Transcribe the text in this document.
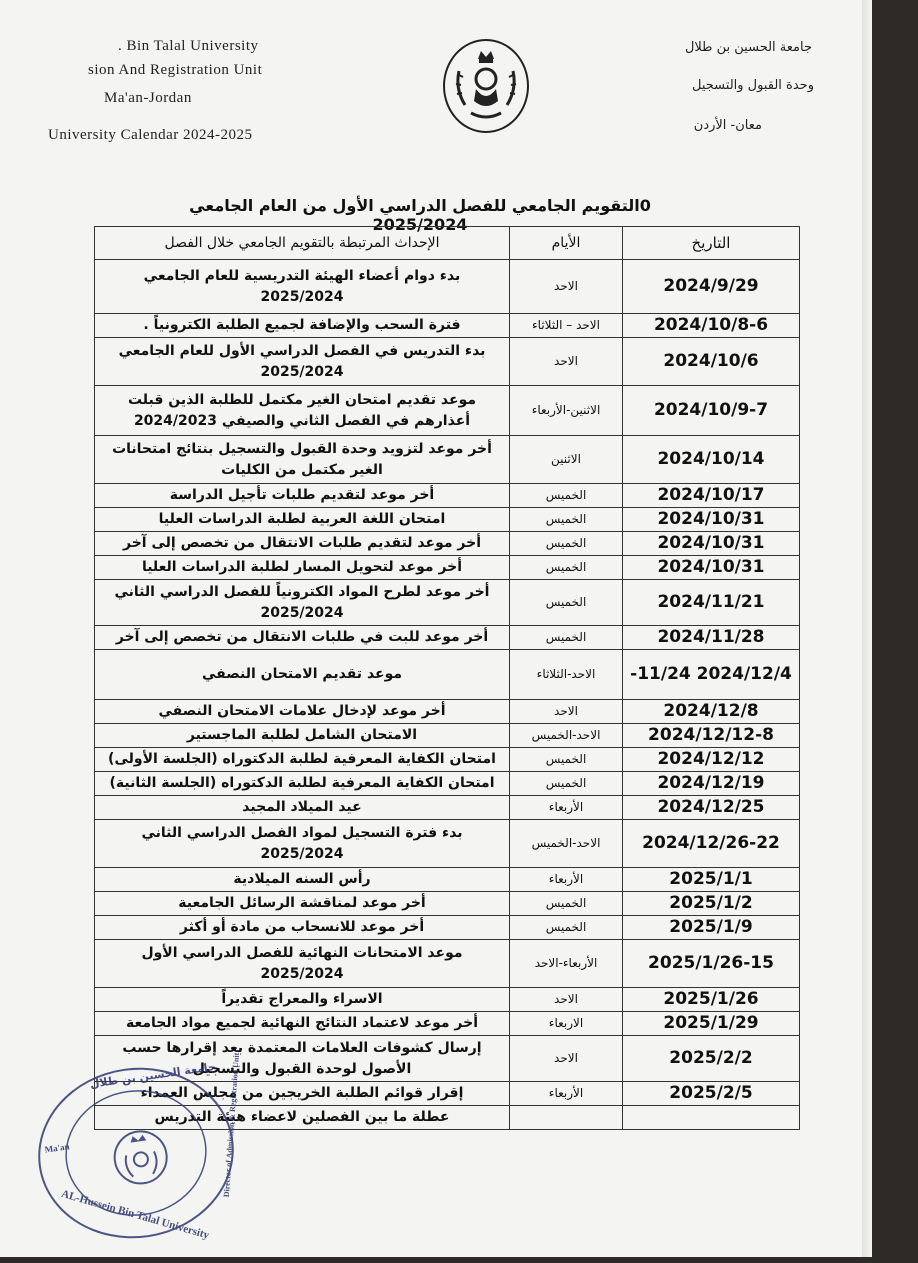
. Bin Talal University
sion And Registration Unit
Ma'an-Jordan
University Calendar 2024-2025
جامعة الحسين بن طلال
وحدة القبول والتسجيل
معان- الأردن
0التقويم الجامعي للفصل الدراسي الأول من العام الجامعي 2025/2024
الإحداث المرتبطة بالتقويم الجامعي خلال الفصل	الأيام	التاريخ
بدء دوام أعضاء الهيئة التدريسية للعام الجامعي 2025/2024	الاحد	2024/9/29
فترة السحب والإضافة لجميع الطلبة الكترونياً .	الاحد – الثلاثاء	2024/10/8-6
بدء التدريس في الفصل الدراسي الأول للعام الجامعي 2025/2024	الاحد	2024/10/6
موعد تقديم امتحان الغير مكتمل للطلبة الذين قبلت أعذارهم في الفصل الثاني والصيفي 2024/2023	الاثنين-الأربعاء	2024/10/9-7
أخر موعد لتزويد وحدة القبول والتسجيل بنتائج امتحانات الغير مكتمل من الكليات	الاثنين	2024/10/14
أخر موعد لتقديم طلبات تأجيل الدراسة	الخميس	2024/10/17
امتحان اللغة العربية لطلبة الدراسات العليا	الخميس	2024/10/31
أخر موعد لتقديم طلبات الانتقال من تخصص إلى آخر	الخميس	2024/10/31
أخر موعد لتحويل المسار لطلبة الدراسات العليا	الخميس	2024/10/31
أخر موعد لطرح المواد الكترونياً للفصل الدراسي الثاني 2025/2024	الخميس	2024/11/21
أخر موعد للبت في طلبات الانتقال من تخصص إلى آخر	الخميس	2024/11/28
موعد تقديم الامتحان النصفي	الاحد-الثلاثاء	-11/24 2024/12/4
أخر موعد لإدخال علامات الامتحان النصفي	الاحد	2024/12/8
الامتحان الشامل لطلبة الماجستير	الاحد-الخميس	2024/12/12-8
امتحان الكفاية المعرفية لطلبة الدكتوراه (الجلسة الأولى)	الخميس	2024/12/12
امتحان الكفاية المعرفية لطلبة الدكتوراه (الجلسة الثانية)	الخميس	2024/12/19
عيد الميلاد المجيد	الأربعاء	2024/12/25
بدء فترة التسجيل لمواد الفصل الدراسي الثاني 2025/2024	الاحد-الخميس	2024/12/26-22
رأس السنه الميلادية	الأربعاء	2025/1/1
أخر موعد لمناقشة الرسائل الجامعية	الخميس	2025/1/2
أخر موعد للانسحاب من مادة أو أكثر	الخميس	2025/1/9
موعد الامتحانات النهائية للفصل الدراسي الأول 2025/2024	الأربعاء-الاحد	2025/1/26-15
الاسراء والمعراج تقديراً	الاحد	2025/1/26
أخر موعد لاعتماد النتائج النهائية لجميع مواد الجامعة	الاربعاء	2025/1/29
إرسال كشوفات العلامات المعتمدة بعد إقرارها حسب الأصول لوحدة القبول والتسجيل	الاحد	2025/2/2
إقرار قوائم الطلبة الخريجين من مجلس العمداء	الأربعاء	2025/2/5
عطلة ما بين الفصلين لاعضاء هيئة التدريس		
Ma'an
AL-Hussein Bin Talal University
Director of Admission & Registration Unit
جامعة الحسين بن طلال
